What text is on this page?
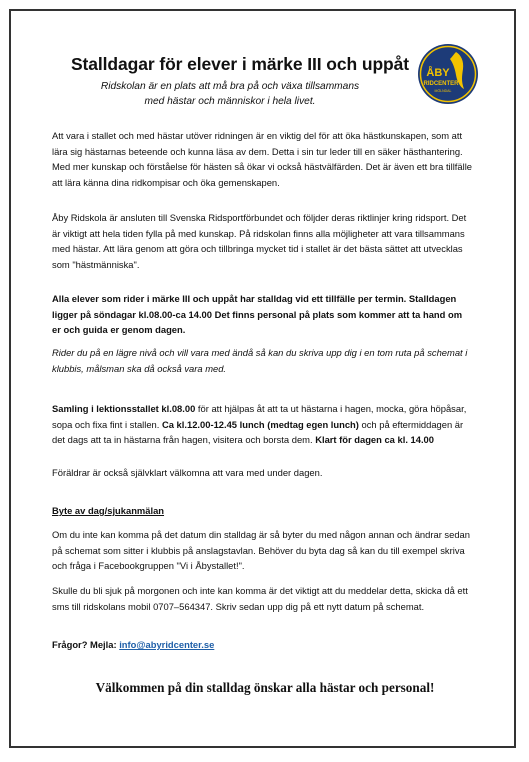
Stalldagar för elever i märke III och uppåt
Ridskolan är en plats att må bra på och växa tillsammans
med hästar och människor i hela livet.
ÅBY
RIDCENTER
MÖLNDAL
Att vara i stallet och med hästar utöver ridningen är en viktig del för att öka hästkunskapen, som att lära sig hästarnas beteende och kunna läsa av dem. Detta i sin tur leder till en säker hästhantering. Med mer kunskap och förståelse för hästen så ökar vi också hästvälfärden. Det är även ett bra tillfälle att lära känna dina ridkompisar och öka gemenskapen.
Åby Ridskola är ansluten till Svenska Ridsportförbundet och följder deras riktlinjer kring ridsport. Det är viktigt att hela tiden fylla på med kunskap. På ridskolan finns alla möjligheter att vara tillsammans med hästar. Att lära genom att göra och tillbringa mycket tid i stallet är det bästa sättet att utvecklas som "hästmänniska".
Alla elever som rider i märke III och uppåt har stalldag vid ett tillfälle per termin. Stalldagen ligger på söndagar kl.08.00-ca 14.00 Det finns personal på plats som kommer att ta hand om er och guida er genom dagen.
Rider du på en lägre nivå och vill vara med ändå så kan du skriva upp dig i en tom ruta på schemat i klubbis, målsman ska då också vara med.
Samling i lektionsstallet kl.08.00 för att hjälpas åt att ta ut hästarna i hagen, mocka, göra höpåsar, sopa och fixa fint i stallen. Ca kl.12.00-12.45 lunch (medtag egen lunch) och på eftermiddagen är det dags att ta in hästarna från hagen, visitera och borsta dem. Klart för dagen ca kl. 14.00
Föräldrar är också självklart välkomna att vara med under dagen.
Byte av dag/sjukanmälan
Om du inte kan komma på det datum din stalldag är så byter du med någon annan och ändrar sedan på schemat som sitter i klubbis på anslagstavlan. Behöver du byta dag så kan du till exempel skriva och fråga i Facebookgruppen "Vi i Åbystallet!".
Skulle du bli sjuk på morgonen och inte kan komma är det viktigt att du meddelar detta, skicka då ett sms till ridskolans mobil 0707–564347. Skriv sedan upp dig på ett nytt datum på schemat.
Frågor? Mejla: info@abyridcenter.se
Välkommen på din stalldag önskar alla hästar och personal!
